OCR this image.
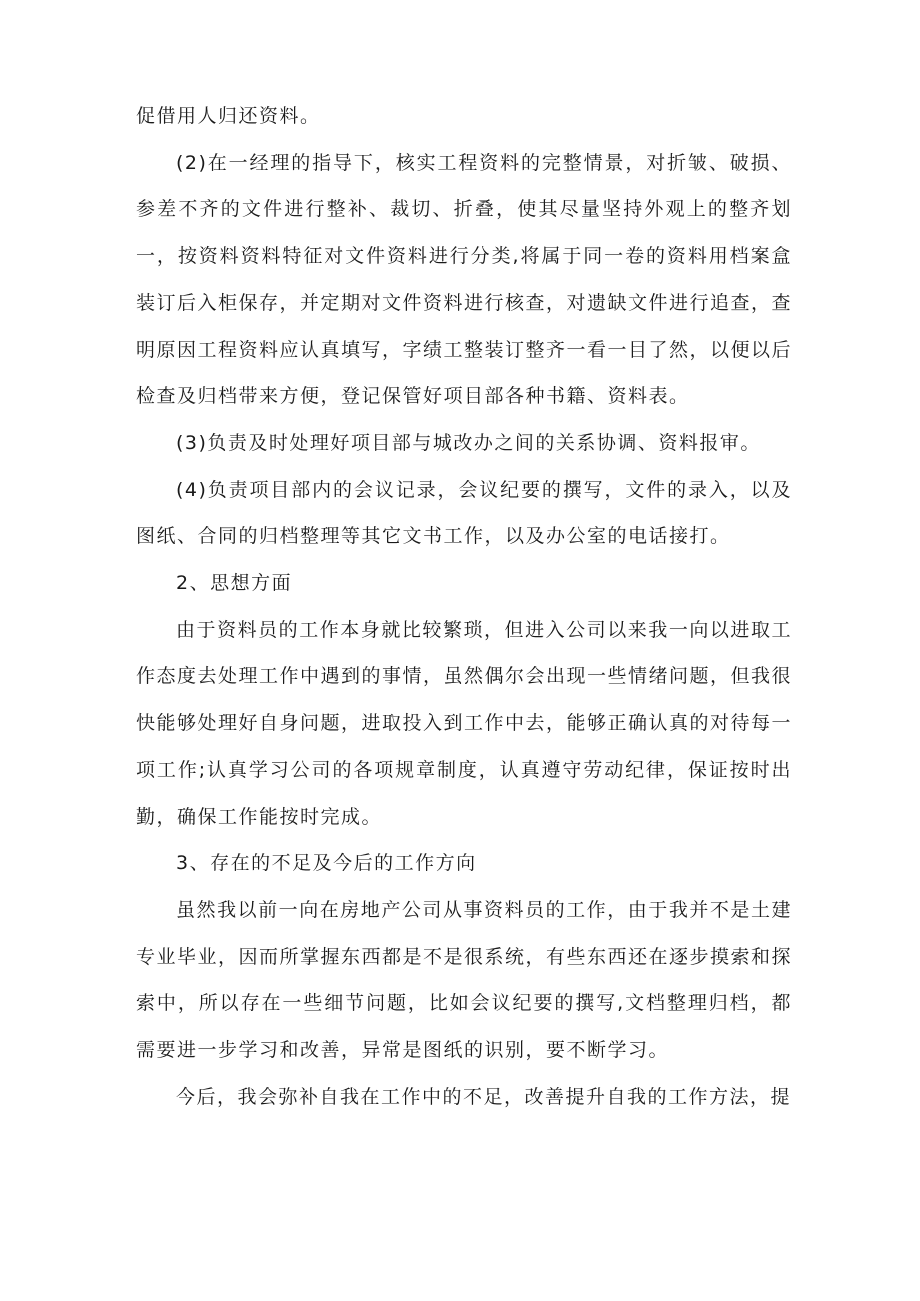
促借用人归还资料。

(2)在一经理的指导下，核实工程资料的完整情景，对折皱、破损、参差不齐的文件进行整补、裁切、折叠，使其尽量坚持外观上的整齐划一，按资料资料特征对文件资料进行分类,将属于同一卷的资料用档案盒装订后入柜保存，并定期对文件资料进行核查，对遗缺文件进行追查，查明原因工程资料应认真填写，字绩工整装订整齐一看一目了然，以便以后检查及归档带来方便，登记保管好项目部各种书籍、资料表。

(3)负责及时处理好项目部与城改办之间的关系协调、资料报审。

(4)负责项目部内的会议记录，会议纪要的撰写，文件的录入，以及图纸、合同的归档整理等其它文书工作，以及办公室的电话接打。

2、思想方面

由于资料员的工作本身就比较繁琐，但进入公司以来我一向以进取工作态度去处理工作中遇到的事情，虽然偶尔会出现一些情绪问题，但我很快能够处理好自身问题，进取投入到工作中去，能够正确认真的对待每一项工作;认真学习公司的各项规章制度，认真遵守劳动纪律，保证按时出勤，确保工作能按时完成。

3、存在的不足及今后的工作方向

虽然我以前一向在房地产公司从事资料员的工作，由于我并不是土建专业毕业，因而所掌握东西都是不是很系统，有些东西还在逐步摸索和探索中，所以存在一些细节问题，比如会议纪要的撰写,文档整理归档，都需要进一步学习和改善，异常是图纸的识别，要不断学习。

今后，我会弥补自我在工作中的不足，改善提升自我的工作方法，提
